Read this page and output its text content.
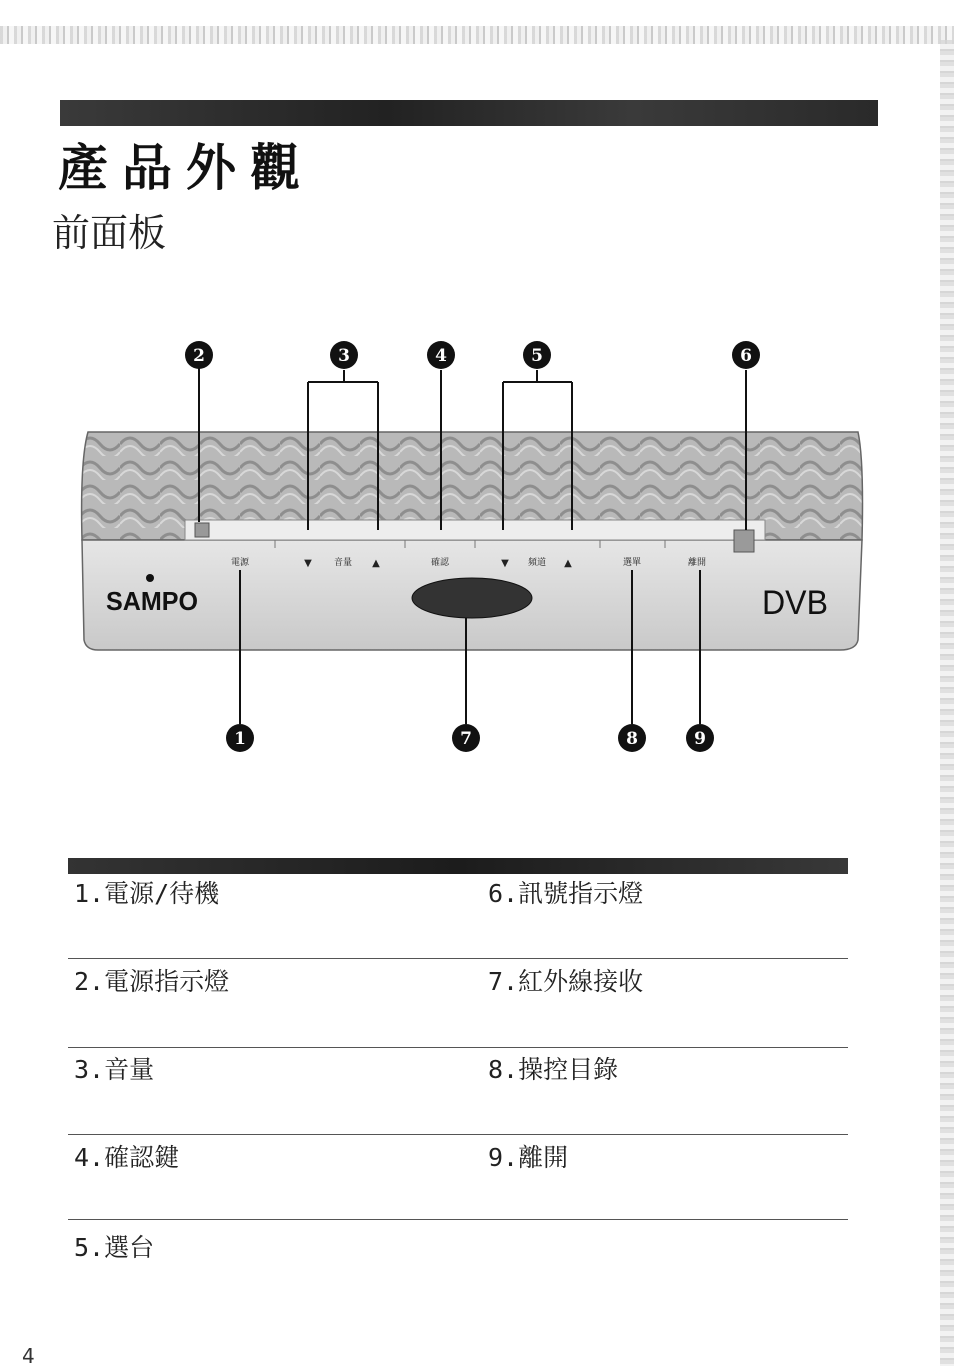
產品外觀
前面板
電源	▼ 音量 ▲	確認	▼ 頻道 ▲	選單	離開
SAMPO	DVB
2	3	4	5	6
1	7	8	9
1.電源/待機	6.訊號指示燈
2.電源指示燈	7.紅外線接收
3.音量	8.操控目錄
4.確認鍵	9.離開
5.選台
4
